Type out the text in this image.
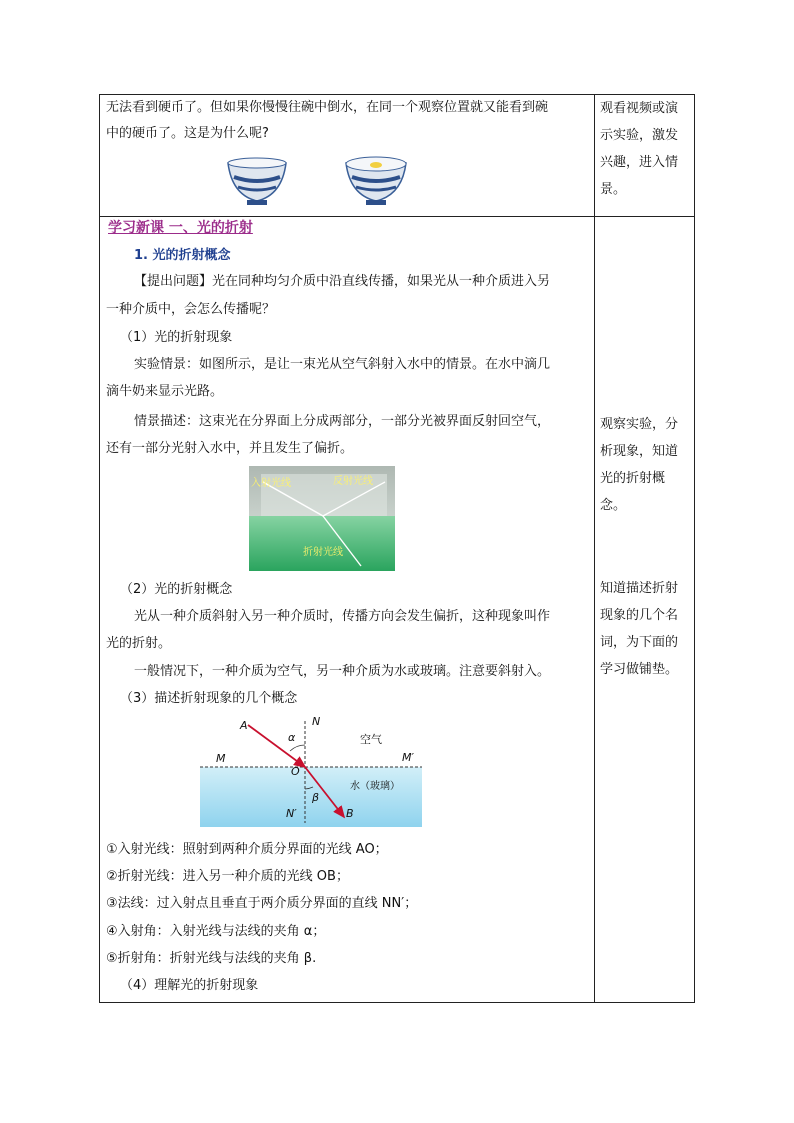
无法看到硬币了。但如果你慢慢往碗中倒水，在同一个观察位置就又能看到碗
中的硬币了。这是为什么呢?
观看视频或演示实验，激发兴趣，进入情景。
学习新课 一、光的折射
1. 光的折射概念
【提出问题】光在同种均匀介质中沿直线传播，如果光从一种介质进入另
一种介质中，会怎么传播呢？
（1）光的折射现象
实验情景：如图所示，是让一束光从空气斜射入水中的情景。在水中滴几
滴牛奶来显示光路。
情景描述：这束光在分界面上分成两部分，一部分光被界面反射回空气，
还有一部分光射入水中，并且发生了偏折。
入射光线	反射光线
折射光线
（2）光的折射概念
光从一种介质斜射入另一种介质时，传播方向会发生偏折，这种现象叫作
光的折射。
一般情况下，一种介质为空气，另一种介质为水或玻璃。注意要斜射入。
（3）描述折射现象的几个概念
A	N
α	空气
M	M′
O
水（玻璃）
β
N′	B
①入射光线：照射到两种介质分界面的光线 AO；
②折射光线：进入另一种介质的光线 OB；
③法线：过入射点且垂直于两介质分界面的直线 NN′；
④入射角：入射光线与法线的夹角 α；
⑤折射角：折射光线与法线的夹角 β.
（4）理解光的折射现象
观察实验，分析现象，知道光的折射概念。
知道描述折射现象的几个名词，为下面的学习做铺垫。
